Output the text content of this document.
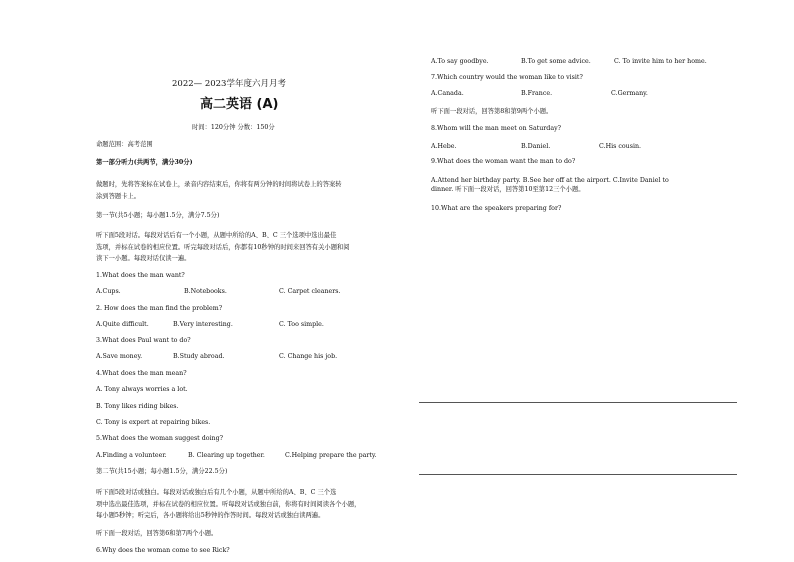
2022— 2023学年度六月月考
高二英语 (A)
时间：120分钟 分数：150分
命题范围：高考范围
第一部分听力(共两节，满分30分)
做题时，先将答案标在试卷上，录音内容结束后，你将有两分钟的时间将试卷上的答案转
涂到答题卡上。
第一节(共5小题；每小题1.5分，满分7.5分)
听下面5段对话。每段对话后有一个小题，从题中所给的A、B、C 三个选项中选出最佳
选项，并标在试卷的相应位置。听完每段对话后，你都有10秒钟的时间来回答有关小题和阅
读下一小题。每段对话仅读一遍。
1.What does the man want?
A.Cups.	B.Notebooks.	C. Carpet cleaners.
2. How does the man find the problem?
A.Quite difficult.	B.Very interesting.	C. Too simple.
3.What does Paul want to do?
A.Save money.	B.Study abroad.	C. Change his job.
4.What does the man mean?
A. Tony always worries a lot.
B. Tony likes riding bikes.
C. Tony is expert at repairing bikes.
5.What does the woman suggest doing?
A.Finding a volunteer.	B. Clearing up together.	C.Helping prepare the party.
第二节(共15小题；每小题1.5分，满分22.5分)
听下面5段对话或独白。每段对话或独白后有几个小题，从题中所给的A、B、C 三个选
项中选出最佳选项，并标在试卷的相应位置。听每段对话或独白前，你将有时间阅读各个小题，
每小题5秒钟；听完后，各小题将给出5秒钟的作答时间。每段对话或独白读两遍。
听下面一段对话，回答第6和第7两个小题。
6.Why does the woman come to see Rick?
A.To say goodbye.	B.To get some advice.	C. To invite him to her home.
7.Which country would the woman like to visit?
A.Canada.	B.France.	C.Germany.
听下面一段对话，回答第8和第9两个小题。
8.Whom will the man meet on Saturday?
A.Hebe.	B.Daniel.	C.His cousin.
9.What does the woman want the man to do?
A.Attend her birthday party. B.See her off at the airport. C.Invite Daniel to
dinner. 听下面一段对话，回答第10至第12三个小题。
10.What are the speakers preparing for?
